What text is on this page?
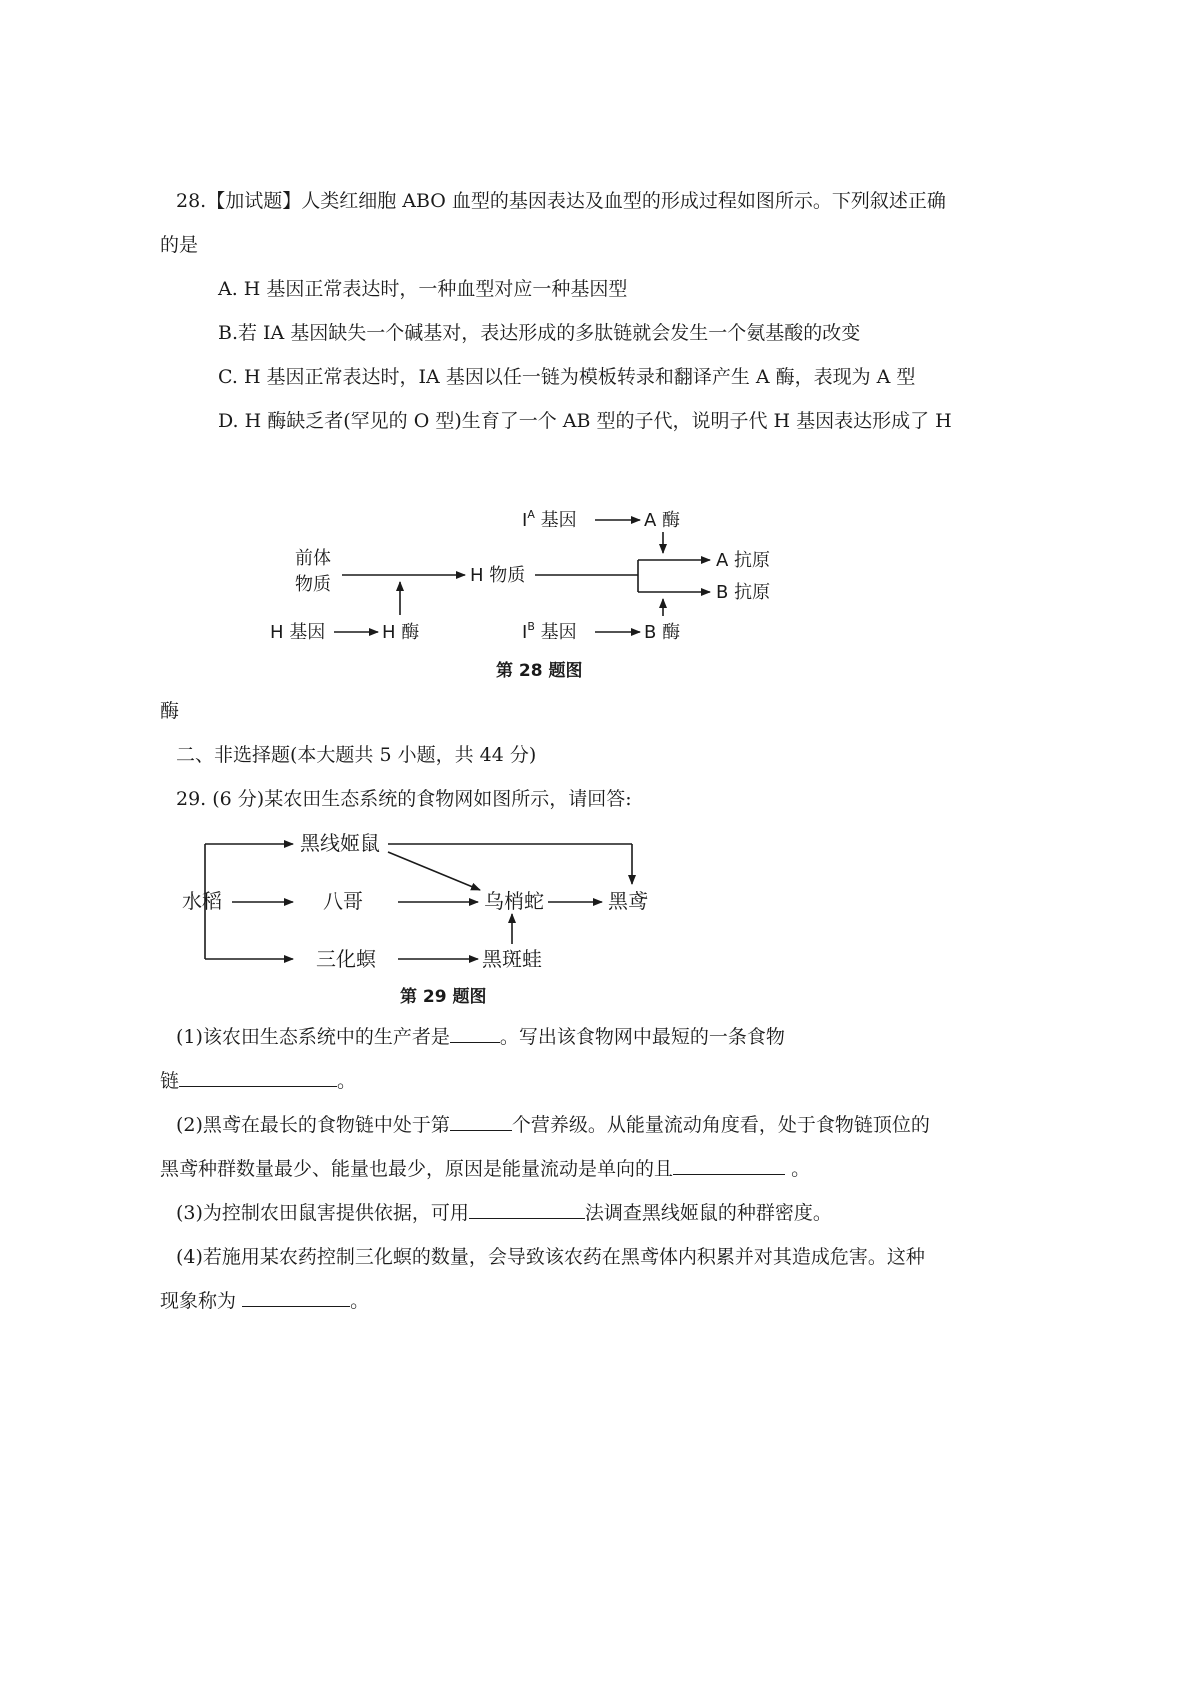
28.【加试题】人类红细胞 ABO 血型的基因表达及血型的形成过程如图所示。下列叙述正确
的是
A. H 基因正常表达时，一种血型对应一种基因型
B.若 IA 基因缺失一个碱基对，表达形成的多肽链就会发生一个氨基酸的改变
C. H 基因正常表达时，IA 基因以任一链为模板转录和翻译产生 A 酶，表现为 A 型
D. H 酶缺乏者(罕见的 O 型)生育了一个 AB 型的子代，说明子代 H 基因表达形成了 H
前体
物质	H 物质
A 抗原
B 抗原
H 基因	H 酶
$I^A$ 基因	A 酶
$I^B$ 基因	B 酶
第 28 题图
酶
二、非选择题(本大题共 5 小题，共 44 分)
29. (6 分)某农田生态系统的食物网如图所示，请回答:
水稻
黑线姬鼠
八哥	乌梢蛇	黑鸢
三化螟	黑斑蛙
第 29 题图
(1)该农田生态系统中的生产者是	。写出该食物网中最短的一条食物
链	。
(2)黑鸢在最长的食物链中处于第	个营养级。从能量流动角度看，处于食物链顶位的
黑鸢种群数量最少、能量也最少，原因是能量流动是单向的且	。
(3)为控制农田鼠害提供依据，可用	法调查黑线姬鼠的种群密度。
(4)若施用某农药控制三化螟的数量，会导致该农药在黑鸢体内积累并对其造成危害。这种
现象称为	。
